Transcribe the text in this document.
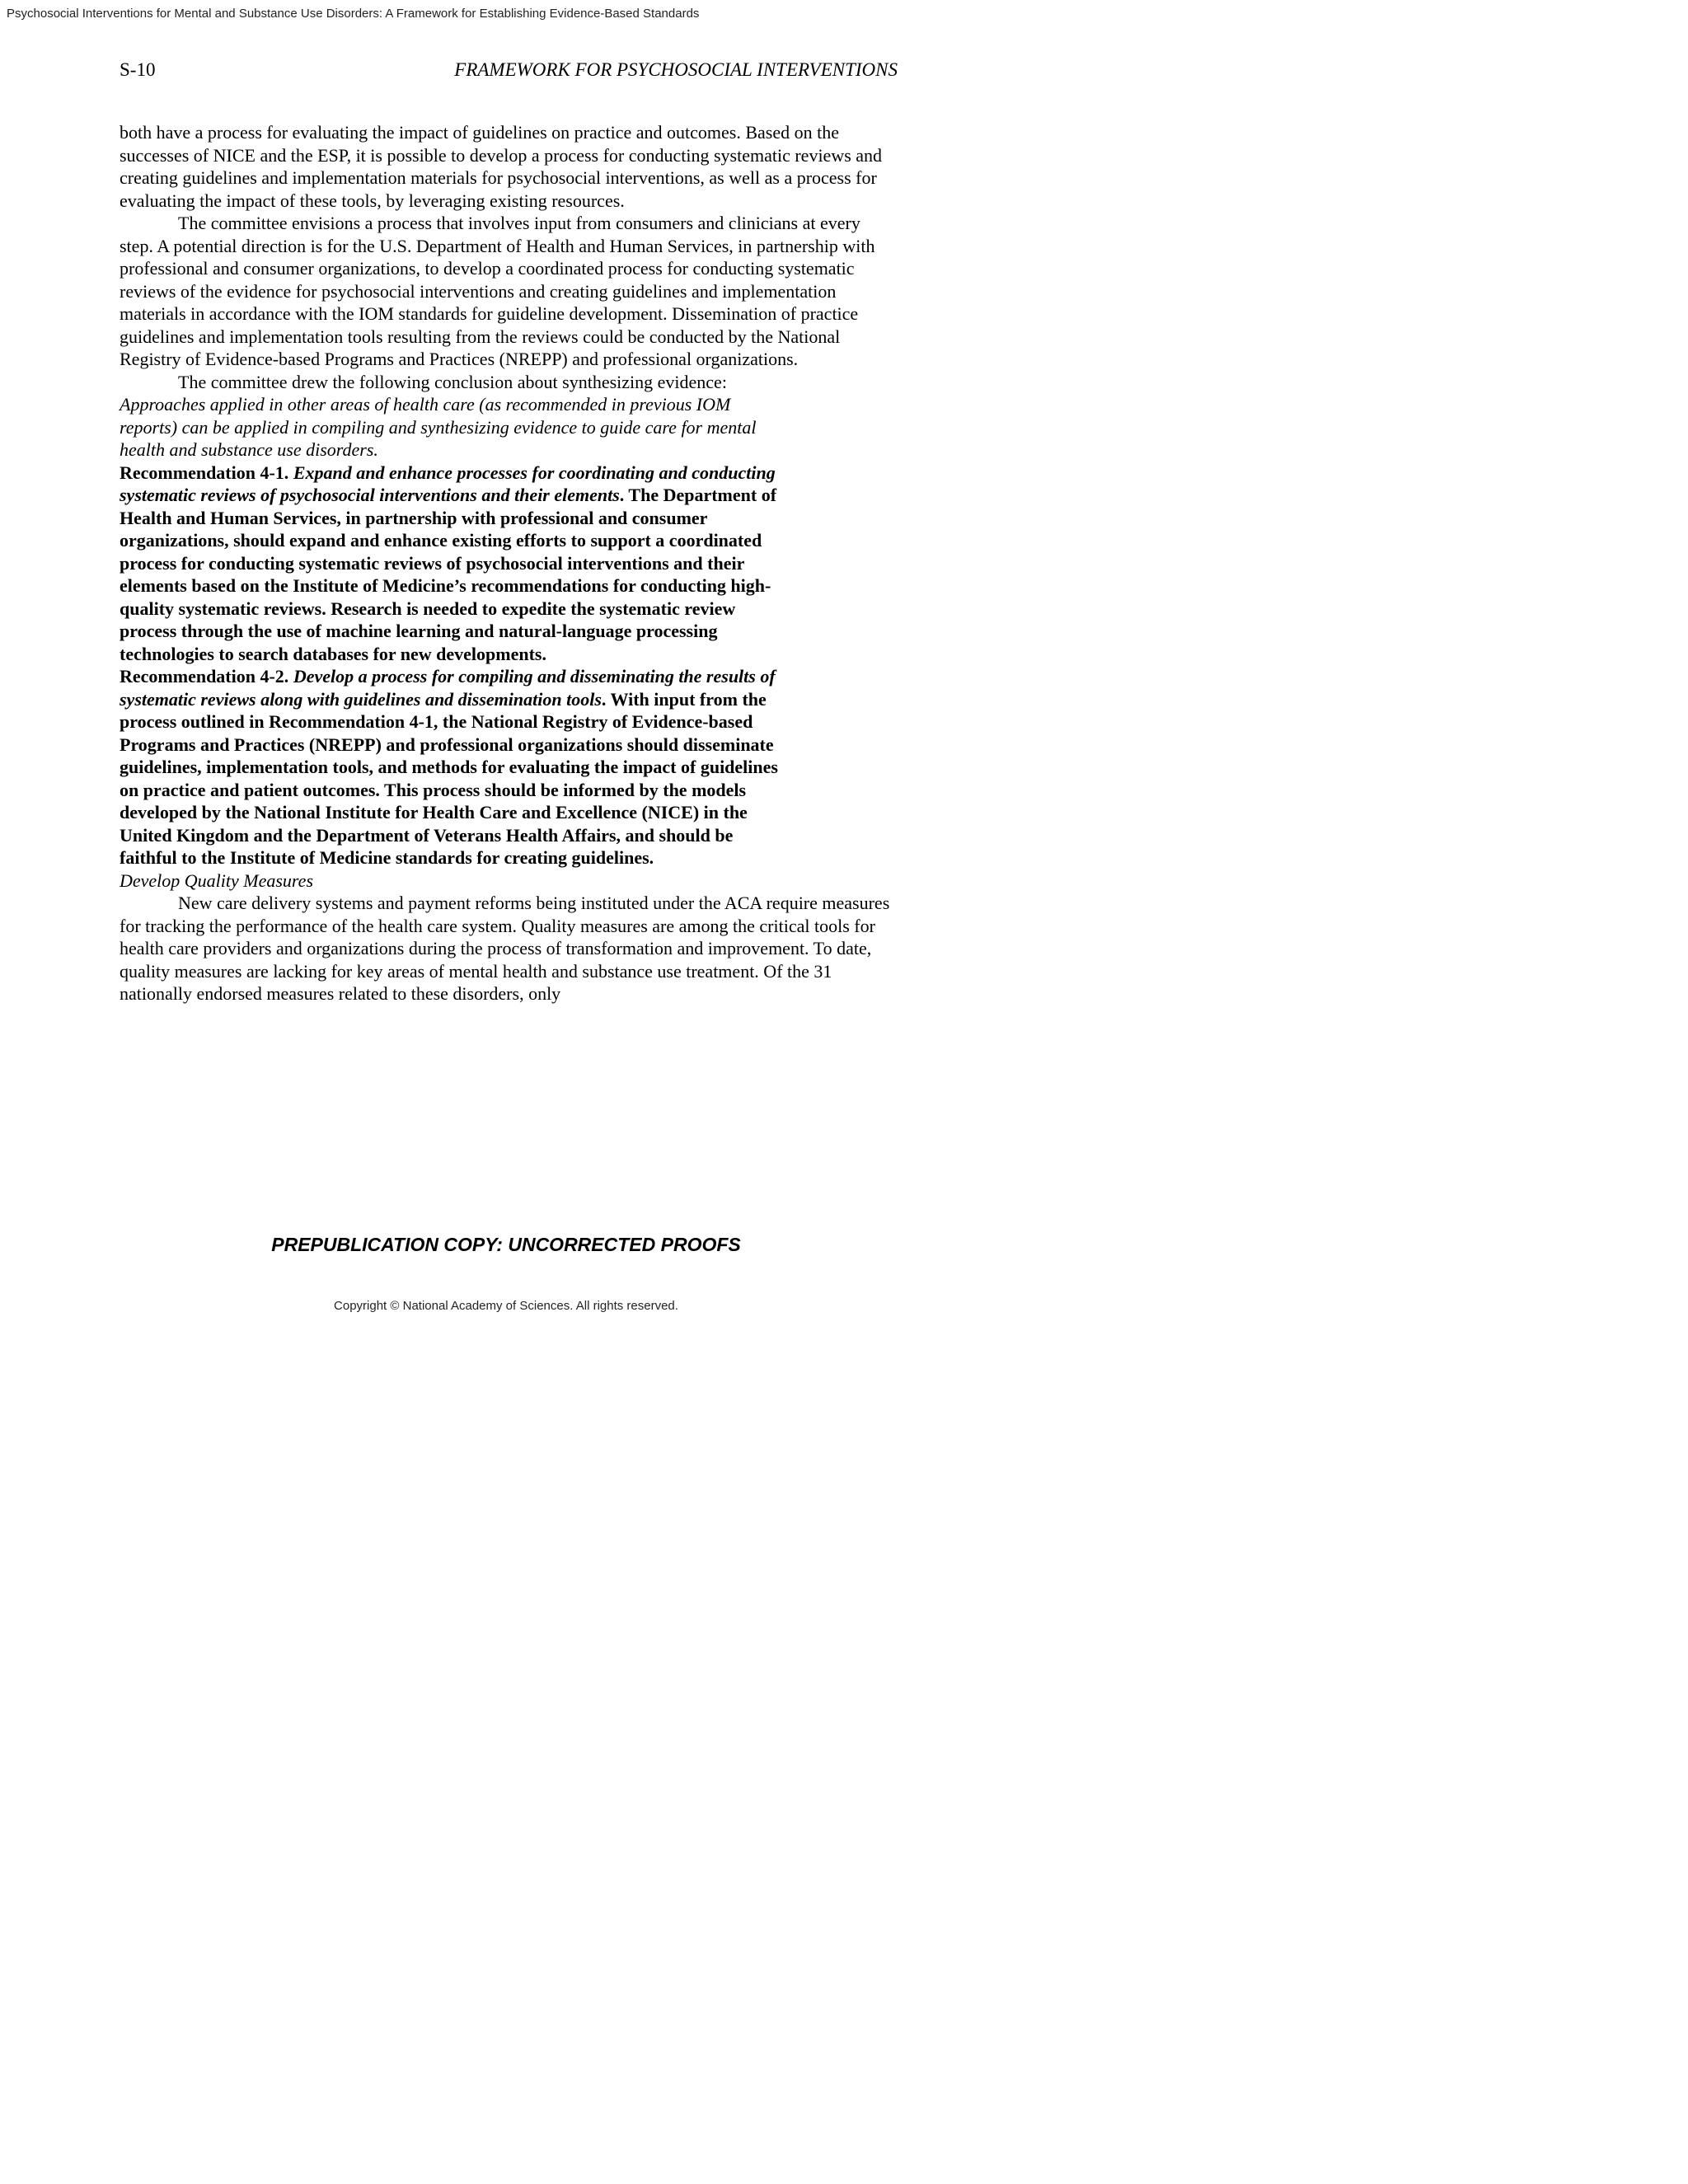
Psychosocial Interventions for Mental and Substance Use Disorders: A Framework for Establishing Evidence-Based Standards
S-10	FRAMEWORK FOR PSYCHOSOCIAL INTERVENTIONS

both have a process for evaluating the impact of guidelines on practice and outcomes. Based on the successes of NICE and the ESP, it is possible to develop a process for conducting systematic reviews and creating guidelines and implementation materials for psychosocial interventions, as well as a process for evaluating the impact of these tools, by leveraging existing resources.

The committee envisions a process that involves input from consumers and clinicians at every step. A potential direction is for the U.S. Department of Health and Human Services, in partnership with professional and consumer organizations, to develop a coordinated process for conducting systematic reviews of the evidence for psychosocial interventions and creating guidelines and implementation materials in accordance with the IOM standards for guideline development. Dissemination of practice guidelines and implementation tools resulting from the reviews could be conducted by the National Registry of Evidence-based Programs and Practices (NREPP) and professional organizations.

The committee drew the following conclusion about synthesizing evidence:

Approaches applied in other areas of health care (as recommended in previous IOM reports) can be applied in compiling and synthesizing evidence to guide care for mental health and substance use disorders.

Recommendation 4-1. Expand and enhance processes for coordinating and conducting systematic reviews of psychosocial interventions and their elements. The Department of Health and Human Services, in partnership with professional and consumer organizations, should expand and enhance existing efforts to support a coordinated process for conducting systematic reviews of psychosocial interventions and their elements based on the Institute of Medicine’s recommendations for conducting high-quality systematic reviews. Research is needed to expedite the systematic review process through the use of machine learning and natural-language processing technologies to search databases for new developments.

Recommendation 4-2. Develop a process for compiling and disseminating the results of systematic reviews along with guidelines and dissemination tools. With input from the process outlined in Recommendation 4-1, the National Registry of Evidence-based Programs and Practices (NREPP) and professional organizations should disseminate guidelines, implementation tools, and methods for evaluating the impact of guidelines on practice and patient outcomes. This process should be informed by the models developed by the National Institute for Health Care and Excellence (NICE) in the United Kingdom and the Department of Veterans Health Affairs, and should be faithful to the Institute of Medicine standards for creating guidelines.

Develop Quality Measures

New care delivery systems and payment reforms being instituted under the ACA require measures for tracking the performance of the health care system. Quality measures are among the critical tools for health care providers and organizations during the process of transformation and improvement. To date, quality measures are lacking for key areas of mental health and substance use treatment. Of the 31 nationally endorsed measures related to these disorders, only

PREPUBLICATION COPY: UNCORRECTED PROOFS
Copyright © National Academy of Sciences. All rights reserved.
